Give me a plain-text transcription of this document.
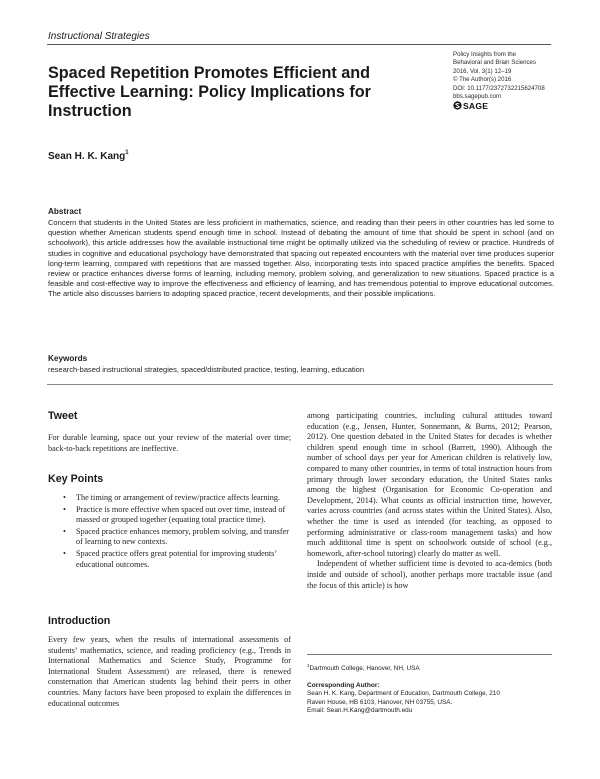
Instructional Strategies
Spaced Repetition Promotes Efficient and
Effective Learning: Policy Implications for
Instruction
Policy Insights from the
Behavioral and Brain Sciences
2016, Vol. 3(1) 12–19
© The Author(s) 2016
DOI: 10.1177/2372732215624708
bbs.sagepub.com
SAGE
Sean H. K. Kang$^1$
Abstract
Concern that students in the United States are less proficient in mathematics, science, and reading than their peers in other countries has led some to question whether American students spend enough time in school. Instead of debating the amount of time that should be spent in school (and on schoolwork), this article addresses how the available instructional time might be optimally utilized via the scheduling of review or practice. Hundreds of studies in cognitive and educational psychology have demonstrated that spacing out repeated encounters with the material over time produces superior long-term learning, compared with repetitions that are massed together. Also, incorporating tests into spaced practice amplifies the benefits. Spaced review or practice enhances diverse forms of learning, including memory, problem solving, and generalization to new situations. Spaced practice is a feasible and cost-effective way to improve the effectiveness and efficiency of learning, and has tremendous potential to improve educational outcomes. The article also discusses barriers to adopting spaced practice, recent developments, and their possible implications.
Keywords
research-based instructional strategies, spaced/distributed practice, testing, learning, education
Tweet

For durable learning, space out your review of the material over time; back-to-back repetitions are ineffective.

Key Points
• The timing or arrangement of review/practice affects learning.
• Practice is more effective when spaced out over time, instead of massed or grouped together (equating total practice time).
• Spaced practice enhances memory, problem solving, and transfer of learning to new contexts.
• Spaced practice offers great potential for improving students’ educational outcomes.
Introduction

Every few years, when the results of international assessments of students’ mathematics, science, and reading proficiency (e.g., Trends in International Mathematics and Science Study, Programme for International Student Assessment) are released, there is renewed consternation that American students lag behind their peers in other countries. Many factors have been proposed to explain the differences in educational outcomes

among participating countries, including cultural attitudes toward education (e.g., Jensen, Hunter, Sonnemann, & Burns, 2012; Pearson, 2012). One question debated in the United States for decades is whether children spend enough time in school (Barrett, 1990). Although the number of school days per year for American children is relatively low, compared to many other countries, in terms of total instruction hours from primary through lower secondary education, the United States ranks among the highest (Organisation for Economic Co-operation and Development, 2014). What counts as official instruction time, however, varies across countries (and across states within the United States). Also, whether the time is used as intended (for teaching, as opposed to performing administrative or class-room management tasks) and how much additional time is spent on schoolwork outside of school (e.g., homework, after-school tutoring) clearly do matter as well.

Independent of whether sufficient time is devoted to aca-demics (both inside and outside of school), another perhaps more tractable issue (and the focus of this article) is how

$^1$Dartmouth College, Hanover, NH, USA
Corresponding Author:
Sean H. K. Kang, Department of Education, Dartmouth College, 210
Raven House, HB 6103, Hanover, NH 03755, USA.
Email: Sean.H.Kang@dartmouth.edu
